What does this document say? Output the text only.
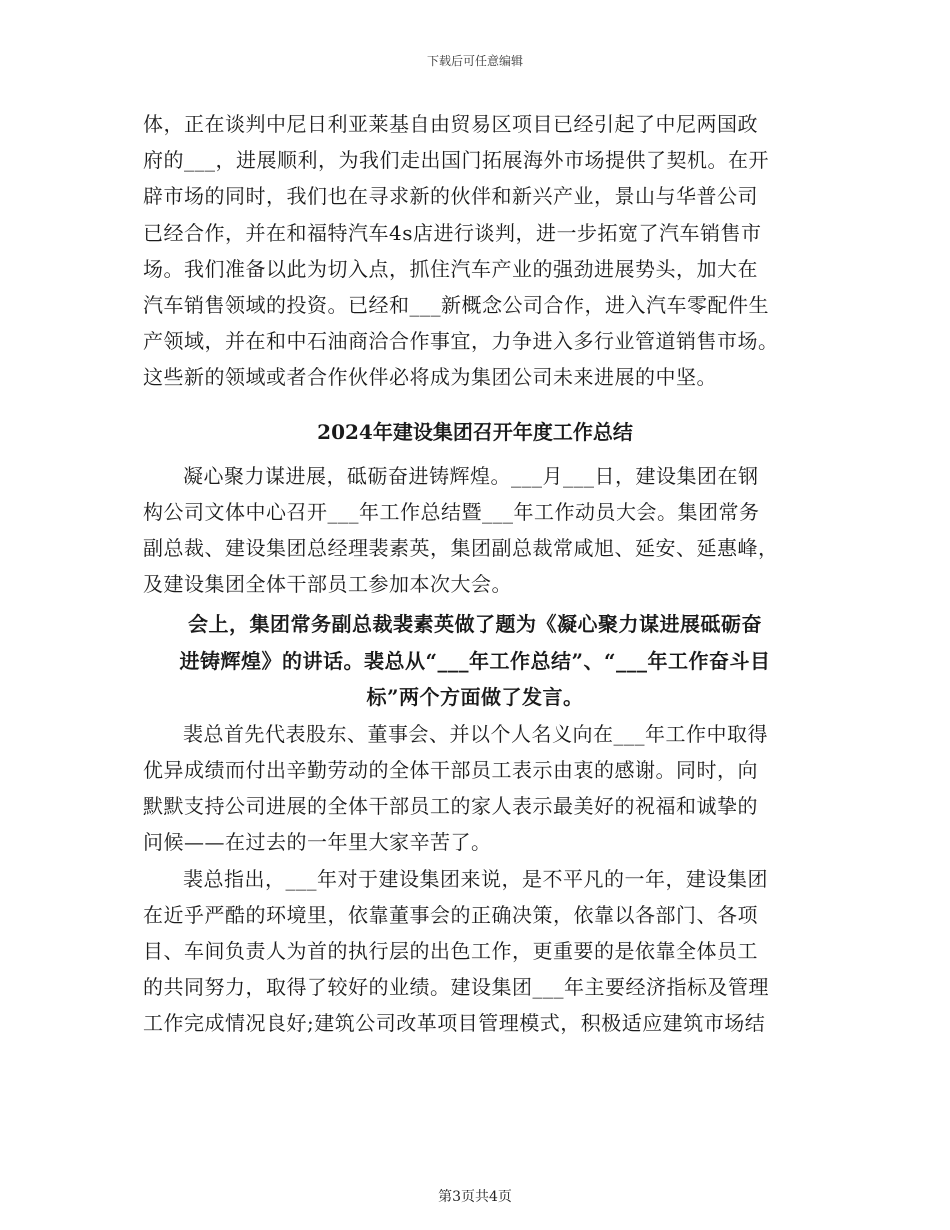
下载后可任意编辑
体，正在谈判中尼日利亚莱基自由贸易区项目已经引起了中尼两国政
府的___，进展顺利，为我们走出国门拓展海外市场提供了契机。在开
辟市场的同时，我们也在寻求新的伙伴和新兴产业，景山与华普公司
已经合作，并在和福特汽车4s店进行谈判，进一步拓宽了汽车销售市
场。我们准备以此为切入点，抓住汽车产业的强劲进展势头，加大在
汽车销售领域的投资。已经和___新概念公司合作，进入汽车零配件生
产领域，并在和中石油商洽合作事宜，力争进入多行业管道销售市场。
这些新的领域或者合作伙伴必将成为集团公司未来进展的中坚。
2024年建设集团召开年度工作总结
凝心聚力谋进展，砥砺奋进铸辉煌。___月___日，建设集团在钢
构公司文体中心召开___年工作总结暨___年工作动员大会。集团常务
副总裁、建设集团总经理裴素英，集团副总裁常咸旭、延安、延惠峰，
及建设集团全体干部员工参加本次大会。
会上，集团常务副总裁裴素英做了题为《凝心聚力谋进展砥砺奋
进铸辉煌》的讲话。裴总从“___年工作总结”、“___年工作奋斗目
标”两个方面做了发言。
裴总首先代表股东、董事会、并以个人名义向在___年工作中取得
优异成绩而付出辛勤劳动的全体干部员工表示由衷的感谢。同时，向
默默支持公司进展的全体干部员工的家人表示最美好的祝福和诚挚的
问候——在过去的一年里大家辛苦了。
裴总指出，___年对于建设集团来说，是不平凡的一年，建设集团
在近乎严酷的环境里，依靠董事会的正确决策，依靠以各部门、各项
目、车间负责人为首的执行层的出色工作，更重要的是依靠全体员工
的共同努力，取得了较好的业绩。建设集团___年主要经济指标及管理
工作完成情况良好;建筑公司改革项目管理模式，积极适应建筑市场结
第3页共4页
